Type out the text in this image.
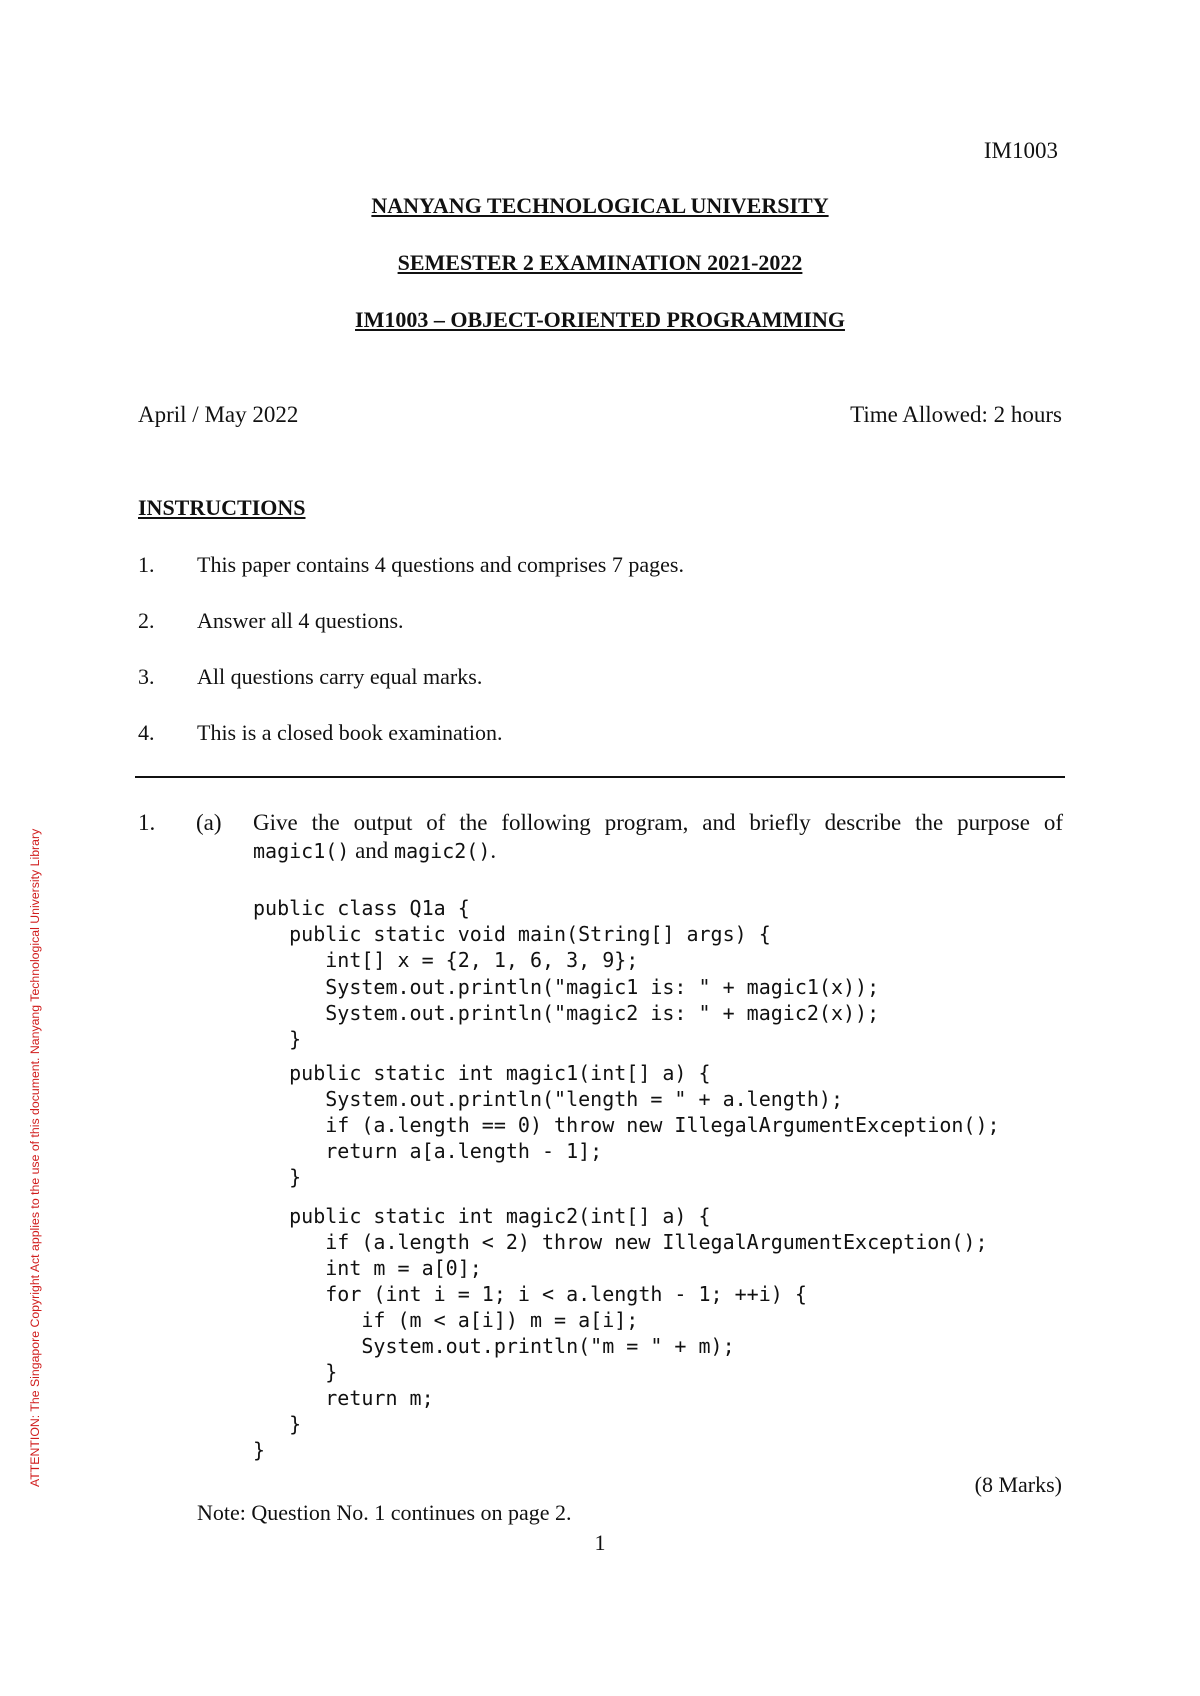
IM1003
NANYANG TECHNOLOGICAL UNIVERSITY
SEMESTER 2 EXAMINATION 2021-2022
IM1003 – OBJECT-ORIENTED PROGRAMMING
April / May 2022	Time Allowed: 2 hours
INSTRUCTIONS
1. This paper contains 4 questions and comprises 7 pages.
2. Answer all 4 questions.
3. All questions carry equal marks.
4. This is a closed book examination.
1. (a) Give the output of the following program, and briefly describe the purpose of
magic1() and magic2().
public class Q1a {
public static void main(String[] args) {
int[] x = {2, 1, 6, 3, 9};
System.out.println("magic1 is: " + magic1(x));
System.out.println("magic2 is: " + magic2(x));
}
public static int magic1(int[] a) {
System.out.println("length = " + a.length);
if (a.length == 0) throw new IllegalArgumentException();
return a[a.length - 1];
}
public static int magic2(int[] a) {
if (a.length < 2) throw new IllegalArgumentException();
int m = a[0];
for (int i = 1; i < a.length - 1; ++i) {
if (m < a[i]) m = a[i];
System.out.println("m = " + m);
}
return m;
}
}
(8 Marks)
Note: Question No. 1 continues on page 2.
1
ATTENTION: The Singapore Copyright Act applies to the use of this document. Nanyang Technological University Library
